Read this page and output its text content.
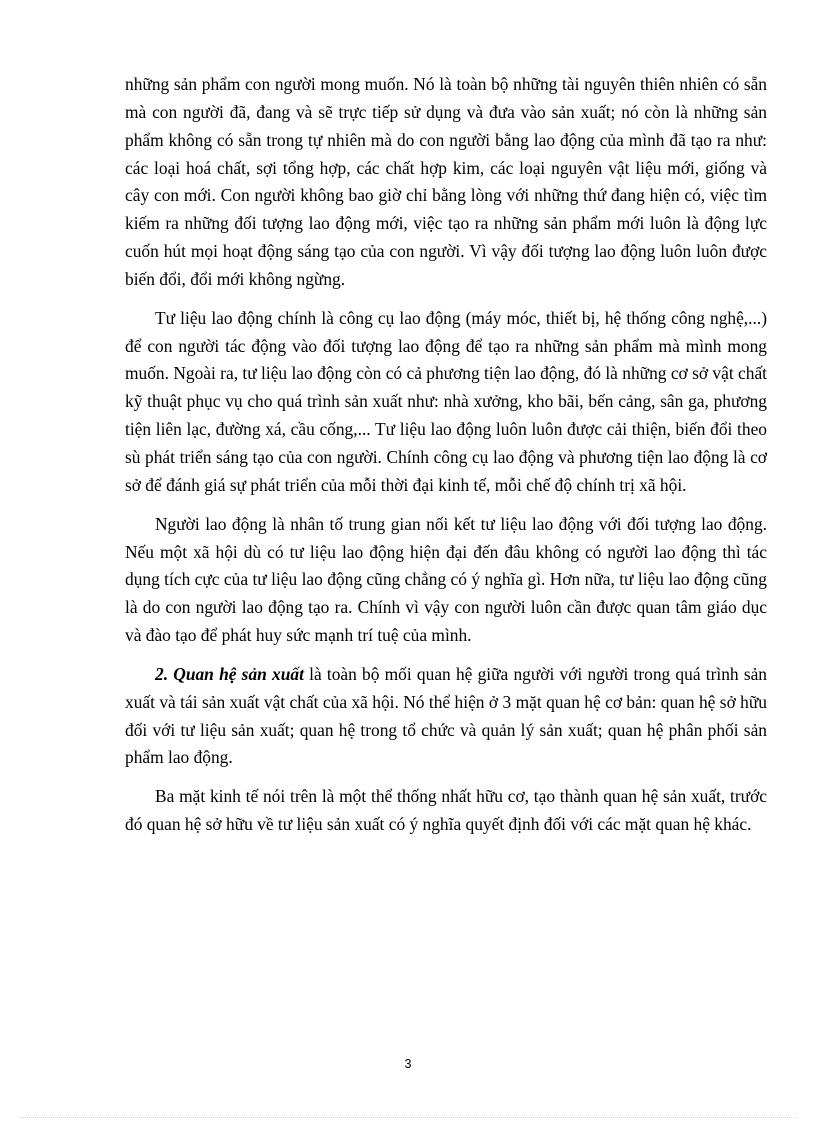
những sản phẩm con người mong muốn. Nó là toàn bộ những tài nguyên thiên nhiên có sẵn mà con người đã, đang và sẽ trực tiếp sử dụng và đưa vào sản xuất; nó còn là những sản phẩm không có sẵn trong tự nhiên mà do con người bằng lao động của mình đã tạo ra như: các loại hoá chất, sợi tổng hợp, các chất hợp kim, các loại nguyên vật liệu mới, giống và cây con mới. Con người không bao giờ chỉ bằng lòng với những thứ đang hiện có, việc tìm kiếm ra những đối tượng lao động mới, việc tạo ra những sản phẩm mới luôn là động lực cuốn hút mọi hoạt động sáng tạo của con người. Vì vậy đối tượng lao động luôn luôn được biến đổi, đổi mới không ngừng.

Tư liệu lao động chính là công cụ lao động (máy móc, thiết bị, hệ thống công nghệ,...) để con người tác động vào đối tượng lao động để tạo ra những sản phẩm mà mình mong muốn. Ngoài ra, tư liệu lao động còn có cả phương tiện lao động, đó là những cơ sở vật chất kỹ thuật phục vụ cho quá trình sản xuất như: nhà xưởng, kho bãi, bến cảng, sân ga, phương tiện liên lạc, đường xá, cầu cống,... Tư liệu lao động luôn luôn được cải thiện, biến đổi theo sù phát triển sáng tạo của con người. Chính công cụ lao động và phương tiện lao động là cơ sở để đánh giá sự phát triển của mỗi thời đại kinh tế, mỗi chế độ chính trị xã hội.

Người lao động là nhân tố trung gian nối kết tư liệu lao động với đối tượng lao động. Nếu một xã hội dù có tư liệu lao động hiện đại đến đâu không có người lao động thì tác dụng tích cực của tư liệu lao động cũng chẳng có ý nghĩa gì. Hơn nữa, tư liệu lao động cũng là do con người lao động tạo ra. Chính vì vậy con người luôn cần được quan tâm giáo dục và đào tạo để phát huy sức mạnh trí tuệ của mình.

2. Quan hệ sản xuất là toàn bộ mối quan hệ giữa người với người trong quá trình sản xuất và tái sản xuất vật chất của xã hội. Nó thể hiện ở 3 mặt quan hệ cơ bản: quan hệ sở hữu đối với tư liệu sản xuất; quan hệ trong tổ chức và quản lý sản xuất; quan hệ phân phối sản phẩm lao động.

Ba mặt kinh tế nói trên là một thể thống nhất hữu cơ, tạo thành quan hệ sản xuất, trước đó quan hệ sở hữu về tư liệu sản xuất có ý nghĩa quyết định đối với các mặt quan hệ khác.

3
